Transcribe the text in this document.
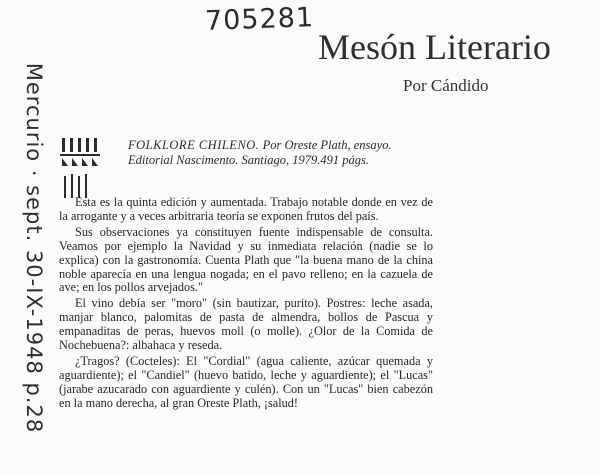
705281
Mesón Literario
Por Cándido
Mercurio · sept. 30-IX-1948 p.28	FOLKLORE CHILENO. Por Oreste Plath, ensayo. Editorial Nascimento. Santiago, 1979.491 págs.

Esta es la quinta edición y aumentada. Trabajo notable donde en vez de la arrogante y a veces arbitraria teoría se exponen frutos del país.

Sus observaciones ya constituyen fuente indispensable de consulta. Veamos por ejemplo la Navidad y su inmediata relación (nadie se lo explica) con la gastronomía. Cuenta Plath que "la buena mano de la china noble aparecía en una lengua nogada; en el pavo relleno; en la cazuela de ave; en los pollos arvejados."

El vino debía ser "moro" (sin bautizar, purito). Postres: leche asada, manjar blanco, palomitas de pasta de almendra, bollos de Pascua y empanaditas de peras, huevos moll (o molle). ¿Olor de la Comida de Nochebuena?: albahaca y reseda.

¿Tragos? (Cocteles): El "Cordial" (agua caliente, azúcar quemada y aguardiente); el "Candiel" (huevo batido, leche y aguardiente); el "Lucas" (jarabe azucarado con aguardiente y culén). Con un "Lucas" bien cabezón en la mano derecha, al gran Oreste Plath, ¡salud!
